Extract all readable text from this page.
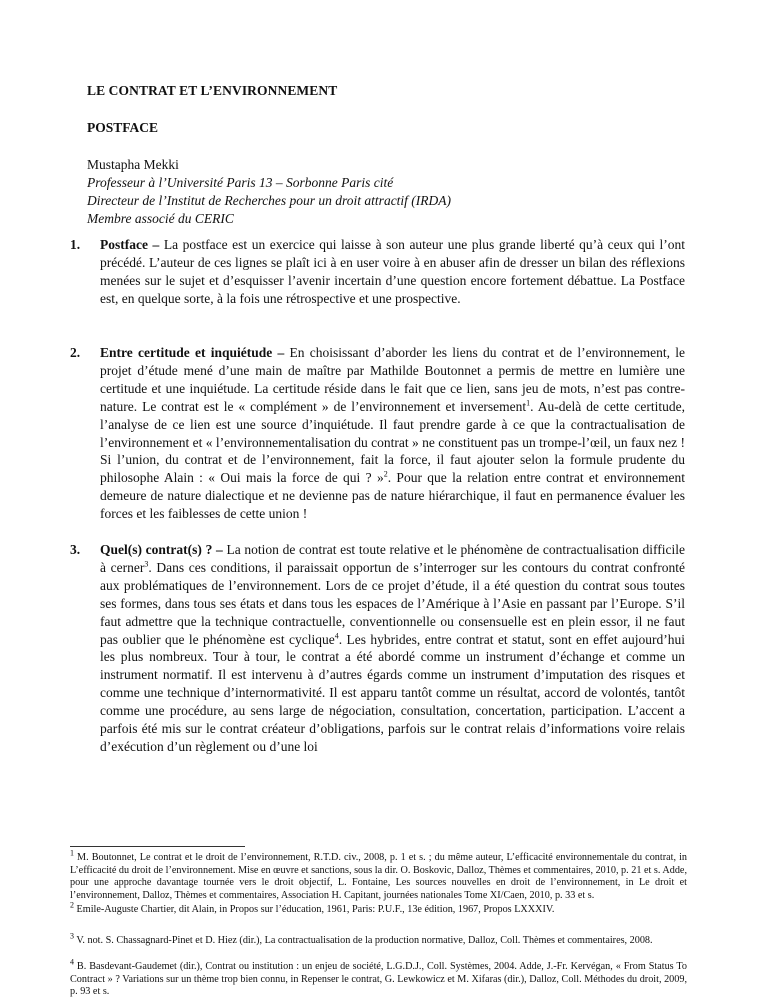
LE CONTRAT ET L’ENVIRONNEMENT
POSTFACE
Mustapha Mekki
Professeur à l’Université Paris 13 – Sorbonne Paris cité
Directeur de l’Institut de Recherches pour un droit attractif (IRDA)
Membre associé du CERIC
1. Postface – La postface est un exercice qui laisse à son auteur une plus grande liberté qu’à ceux qui l’ont précédé. L’auteur de ces lignes se plaît ici à en user voire à en abuser afin de dresser un bilan des réflexions menées sur le sujet et d’esquisser l’avenir incertain d’une question encore fortement débattue. La Postface est, en quelque sorte, à la fois une rétrospective et une prospective.
2. Entre certitude et inquiétude – En choisissant d’aborder les liens du contrat et de l’environnement, le projet d’étude mené d’une main de maître par Mathilde Boutonnet a permis de mettre en lumière une certitude et une inquiétude. La certitude réside dans le fait que ce lien, sans jeu de mots, n’est pas contre-nature. Le contrat est le « complément » de l’environnement et inversement$^1$. Au-delà de cette certitude, l’analyse de ce lien est une source d’inquiétude. Il faut prendre garde à ce que la contractualisation de l’environnement et « l’environnementalisation du contrat » ne constituent pas un trompe-l’œil, un faux nez ! Si l’union, du contrat et de l’environnement, fait la force, il faut ajouter selon la formule prudente du philosophe Alain : « Oui mais la force de qui ? »$^2$. Pour que la relation entre contrat et environnement demeure de nature dialectique et ne devienne pas de nature hiérarchique, il faut en permanence évaluer les forces et les faiblesses de cette union !
3. Quel(s) contrat(s) ? – La notion de contrat est toute relative et le phénomène de contractualisation difficile à cerner$^3$. Dans ces conditions, il paraissait opportun de s’interroger sur les contours du contrat confronté aux problématiques de l’environnement. Lors de ce projet d’étude, il a été question du contrat sous toutes ses formes, dans tous ses états et dans tous les espaces de l’Amérique à l’Asie en passant par l’Europe. S’il faut admettre que la technique contractuelle, conventionnelle ou consensuelle est en plein essor, il ne faut pas oublier que le phénomène est cyclique$^4$. Les hybrides, entre contrat et statut, sont en effet aujourd’hui les plus nombreux. Tour à tour, le contrat a été abordé comme un instrument d’échange et comme un instrument normatif. Il est intervenu à d’autres égards comme un instrument d’imputation des risques et comme une technique d’internormativité. Il est apparu tantôt comme un résultat, accord de volontés, tantôt comme une procédure, au sens large de négociation, consultation, concertation, participation. L’accent a parfois été mis sur le contrat créateur d’obligations, parfois sur le contrat relais d’informations voire relais d’exécution d’un règlement ou d’une loi
$^1$ M. Boutonnet, Le contrat et le droit de l’environnement, R.T.D. civ., 2008, p. 1 et s. ; du même auteur, L’efficacité environnementale du contrat, in L’efficacité du droit de l’environnement. Mise en œuvre et sanctions, sous la dir. O. Boskovic, Dalloz, Thèmes et commentaires, 2010, p. 21 et s. Adde, pour une approche davantage tournée vers le droit objectif, L. Fontaine, Les sources nouvelles en droit de l’environnement, in Le droit et l’environnement, Dalloz, Thèmes et commentaires, Association H. Capitant, journées nationales Tome XI/Caen, 2010, p. 33 et s.
$^2$ Emile-Auguste Chartier, dit Alain, in Propos sur l’éducation, 1961, Paris: P.U.F., 13e édition, 1967, Propos LXXXIV.
$^3$ V. not. S. Chassagnard-Pinet et D. Hiez (dir.), La contractualisation de la production normative, Dalloz, Coll. Thèmes et commentaires, 2008.
$^4$ B. Basdevant-Gaudemet (dir.), Contrat ou institution : un enjeu de société, L.G.D.J., Coll. Systèmes, 2004. Adde, J.-Fr. Kervégan, « From Status To Contract » ? Variations sur un thème trop bien connu, in Repenser le contrat, G. Lewkowicz et M. Xifaras (dir.), Dalloz, Coll. Méthodes du droit, 2009, p. 93 et s.
